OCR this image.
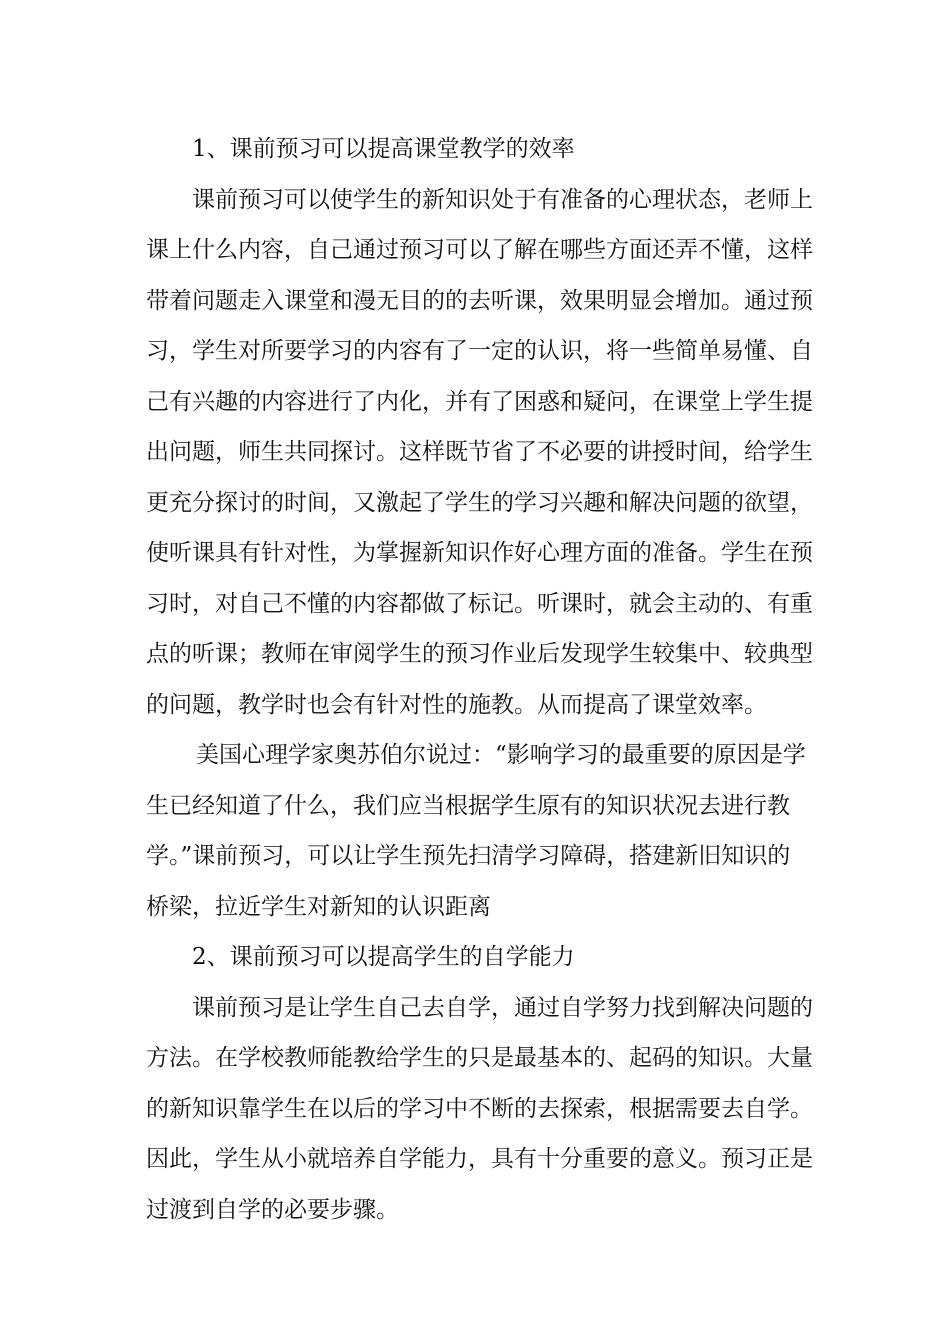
1、课前预习可以提高课堂教学的效率
课前预习可以使学生的新知识处于有准备的心理状态，老师上
课上什么内容，自己通过预习可以了解在哪些方面还弄不懂，这样
带着问题走入课堂和漫无目的的去听课，效果明显会增加。通过预
习，学生对所要学习的内容有了一定的认识，将一些简单易懂、自
己有兴趣的内容进行了内化，并有了困惑和疑问，在课堂上学生提
出问题，师生共同探讨。这样既节省了不必要的讲授时间，给学生
更充分探讨的时间，又激起了学生的学习兴趣和解决问题的欲望，
使听课具有针对性，为掌握新知识作好心理方面的准备。学生在预
习时，对自己不懂的内容都做了标记。听课时，就会主动的、有重
点的听课；教师在审阅学生的预习作业后发现学生较集中、较典型
的问题，教学时也会有针对性的施教。从而提高了课堂效率。
美国心理学家奥苏伯尔说过：“影响学习的最重要的原因是学
生已经知道了什么，我们应当根据学生原有的知识状况去进行教
学。”课前预习，可以让学生预先扫清学习障碍，搭建新旧知识的
桥梁，拉近学生对新知的认识距离
2、课前预习可以提高学生的自学能力
课前预习是让学生自己去自学，通过自学努力找到解决问题的
方法。在学校教师能教给学生的只是最基本的、起码的知识。大量
的新知识靠学生在以后的学习中不断的去探索，根据需要去自学。
因此，学生从小就培养自学能力，具有十分重要的意义。预习正是
过渡到自学的必要步骤。
